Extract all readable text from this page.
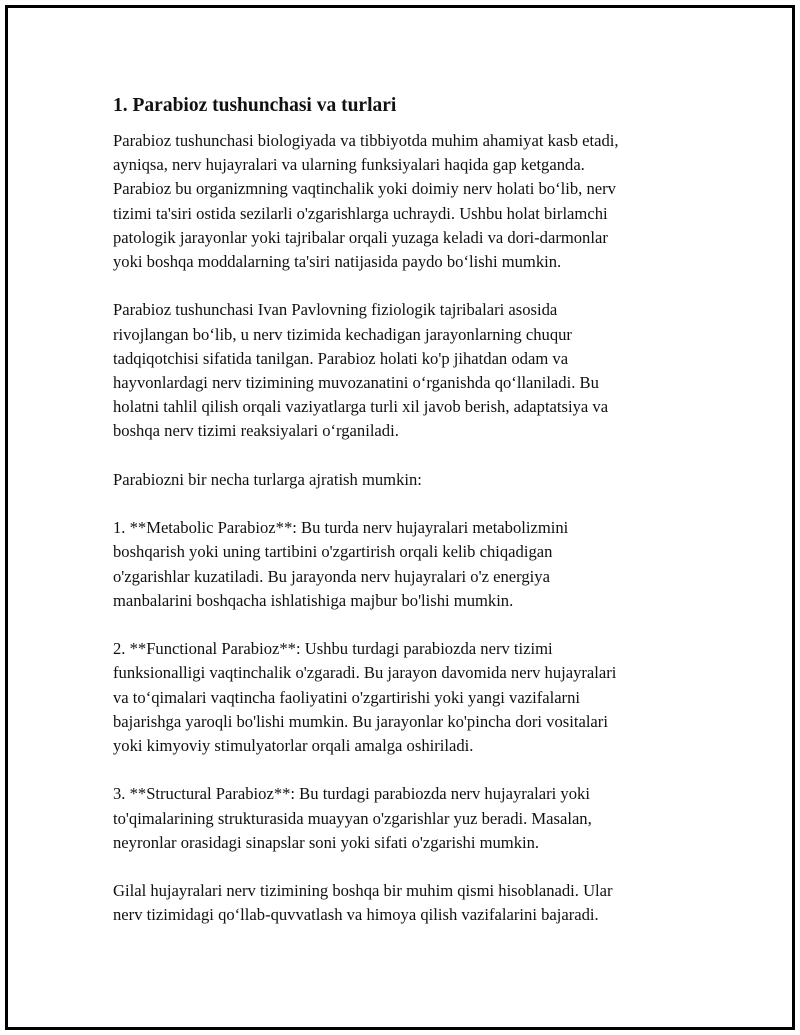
1. Parabioz tushunchasi va turlari
Parabioz tushunchasi biologiyada va tibbiyotda muhim ahamiyat kasb etadi,
ayniqsa, nerv hujayralari va ularning funksiyalari haqida gap ketganda.
Parabioz bu organizmning vaqtinchalik yoki doimiy nerv holati bo‘lib, nerv
tizimi ta'siri ostida sezilarli o'zgarishlarga uchraydi. Ushbu holat birlamchi
patologik jarayonlar yoki tajribalar orqali yuzaga keladi va dori-darmonlar
yoki boshqa moddalarning ta'siri natijasida paydo bo‘lishi mumkin.
Parabioz tushunchasi Ivan Pavlovning fiziologik tajribalari asosida
rivojlangan bo‘lib, u nerv tizimida kechadigan jarayonlarning chuqur
tadqiqotchisi sifatida tanilgan. Parabioz holati ko'p jihatdan odam va
hayvonlardagi nerv tizimining muvozanatini o‘rganishda qo‘llaniladi. Bu
holatni tahlil qilish orqali vaziyatlarga turli xil javob berish, adaptatsiya va
boshqa nerv tizimi reaksiyalari o‘rganiladi.
Parabiozni bir necha turlarga ajratish mumkin:
1. **Metabolic Parabioz**: Bu turda nerv hujayralari metabolizmini
boshqarish yoki uning tartibini o'zgartirish orqali kelib chiqadigan
o'zgarishlar kuzatiladi. Bu jarayonda nerv hujayralari o'z energiya
manbalarini boshqacha ishlatishiga majbur bo'lishi mumkin.
2. **Functional Parabioz**: Ushbu turdagi parabiozda nerv tizimi
funksionalligi vaqtinchalik o'zgaradi. Bu jarayon davomida nerv hujayralari
va to‘qimalari vaqtincha faoliyatini o'zgartirishi yoki yangi vazifalarni
bajarishga yaroqli bo'lishi mumkin. Bu jarayonlar ko'pincha dori vositalari
yoki kimyoviy stimulyatorlar orqali amalga oshiriladi.
3. **Structural Parabioz**: Bu turdagi parabiozda nerv hujayralari yoki
to'qimalarining strukturasida muayyan o'zgarishlar yuz beradi. Masalan,
neyronlar orasidagi sinapslar soni yoki sifati o'zgarishi mumkin.
Gilal hujayralari nerv tizimining boshqa bir muhim qismi hisoblanadi. Ular
nerv tizimidagi qo‘llab-quvvatlash va himoya qilish vazifalarini bajaradi.
